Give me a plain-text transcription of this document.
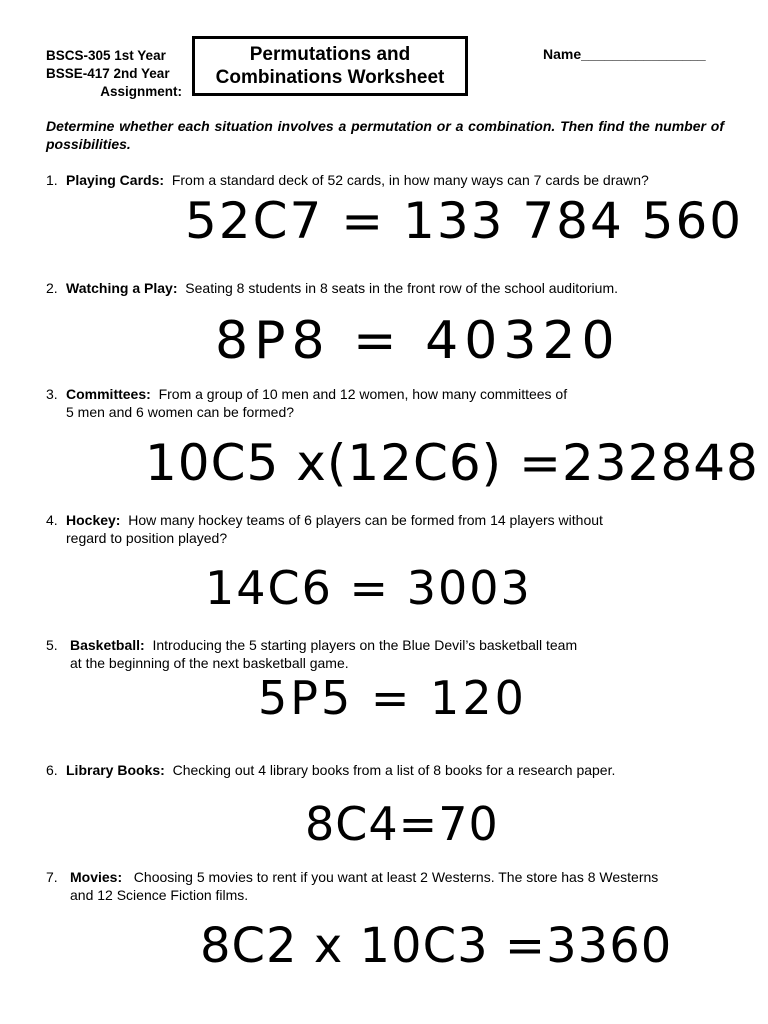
BSCS-305 1st Year
BSSE-417 2nd Year
Assignment:
Permutations and
Combinations Worksheet
Name________________
Determine whether each situation involves a permutation or a combination. Then find the number of possibilities.
1. Playing Cards: From a standard deck of 52 cards, in how many ways can 7 cards be drawn?
52C7 = 133 784 560
2. Watching a Play: Seating 8 students in 8 seats in the front row of the school auditorium.
8P8 = 40320
3. Committees: From a group of 10 men and 12 women, how many committees of
5 men and 6 women can be formed?
10C5 x(12C6) =232848
4. Hockey: How many hockey teams of 6 players can be formed from 14 players without
regard to position played?
14C6 = 3003
5. Basketball: Introducing the 5 starting players on the Blue Devil’s basketball team
at the beginning of the next basketball game.
5P5 = 120
6. Library Books: Checking out 4 library books from a list of 8 books for a research paper.
8C4=70
7. Movies: Choosing 5 movies to rent if you want at least 2 Westerns. The store has 8 Westerns
and 12 Science Fiction films.
8C2 x 10C3 =3360
